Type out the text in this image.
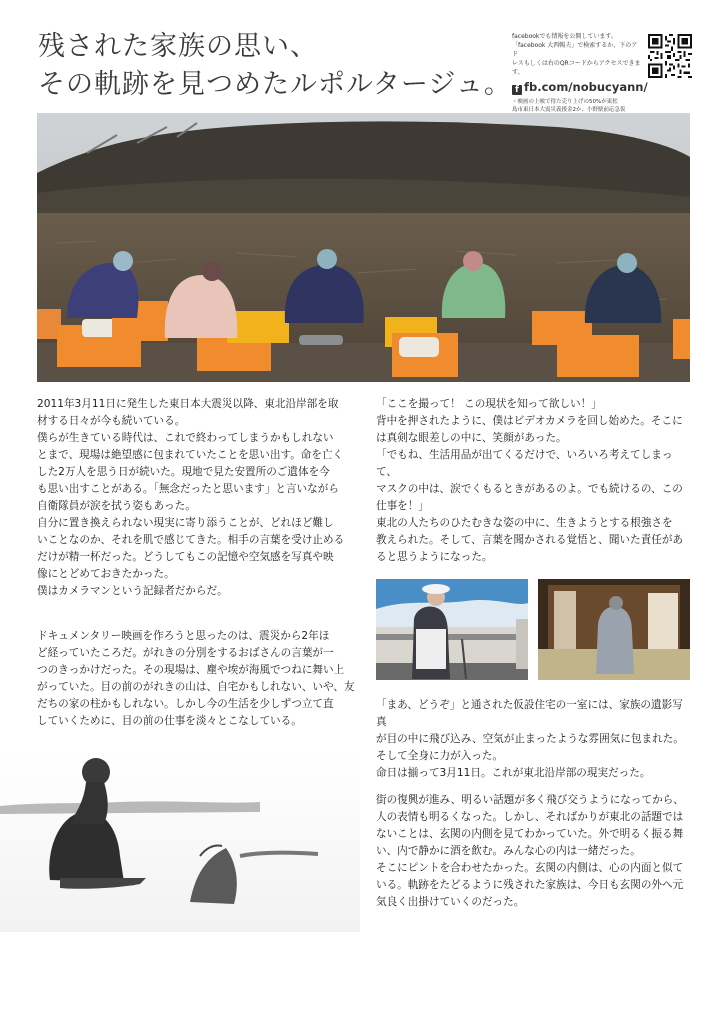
残された家族の思い、
その軌跡を見つめたルポルタージュ。
facebookでも情報を公開しています。
「facebook 大西暢夫」で検索するか、下のアド
レスもしくは右のQRコードからアクセスできます。
f fb.com/nobucyann/
・映画の上映で得た売り上げの50%が東松
島市東日本大震災義援金2か、小野駅前応急仮

2011年3月11日に発生した東日本大震災以降、東北沿岸部を取

材する日々が今も続いている。

僕らが生きている時代は、これで終わってしまうかもしれない

とまで、現場は絶望感に包まれていたことを思い出す。命を亡く

した2万人を思う日が続いた。現地で見た安置所のご遺体を今

も思い出すことがある。「無念だったと思います」と言いながら

自衛隊員が涙を拭う姿もあった。

自分に置き換えられない現実に寄り添うことが、どれほど難し

いことなのか、それを肌で感じてきた。相手の言葉を受け止める

だけが精一杯だった。どうしてもこの記憶や空気感を写真や映

像にとどめておきたかった。

僕はカメラマンという記録者だからだ。

ドキュメンタリー映画を作ろうと思ったのは、震災から2年ほ

ど経っていたころだ。がれきの分別をするおばさんの言葉が一

つのきっかけだった。その現場は、塵や埃が海風でつねに舞い上

がっていた。目の前のがれきの山は、自宅かもしれない、いや、友

だちの家の柱かもしれない。しかし今の生活を少しずつ立て直

していくために、目の前の仕事を淡々とこなしている。

「ここを撮って！ この現状を知って欲しい！」

背中を押されたように、僕はビデオカメラを回し始めた。そこに

は真剣な眼差しの中に、笑顔があった。

「でもね、生活用品が出てくるだけで、いろいろ考えてしまって、

マスクの中は、涙でくもるときがあるのよ。でも続けるの、この

仕事を！」

東北の人たちのひたむきな姿の中に、生きようとする根強さを

教えられた。そして、言葉を聞かされる覚悟と、聞いた責任があ

ると思うようになった。

「まあ、どうぞ」と通された仮設住宅の一室には、家族の遺影写真

が目の中に飛び込み、空気が止まったような雰囲気に包まれた。

そして全身に力が入った。

命日は揃って3月11日。これが東北沿岸部の現実だった。

街の復興が進み、明るい話題が多く飛び交うようになってから、

人の表情も明るくなった。しかし、そればかりが東北の話題では

ないことは、玄関の内側を見てわかっていた。外で明るく振る舞

い、内で静かに酒を飲む。みんな心の内は一緒だった。

そこにピントを合わせたかった。玄関の内側は、心の内面と似て

いる。軌跡をたどるように残された家族は、今日も玄関の外へ元

気良く出掛けていくのだった。
